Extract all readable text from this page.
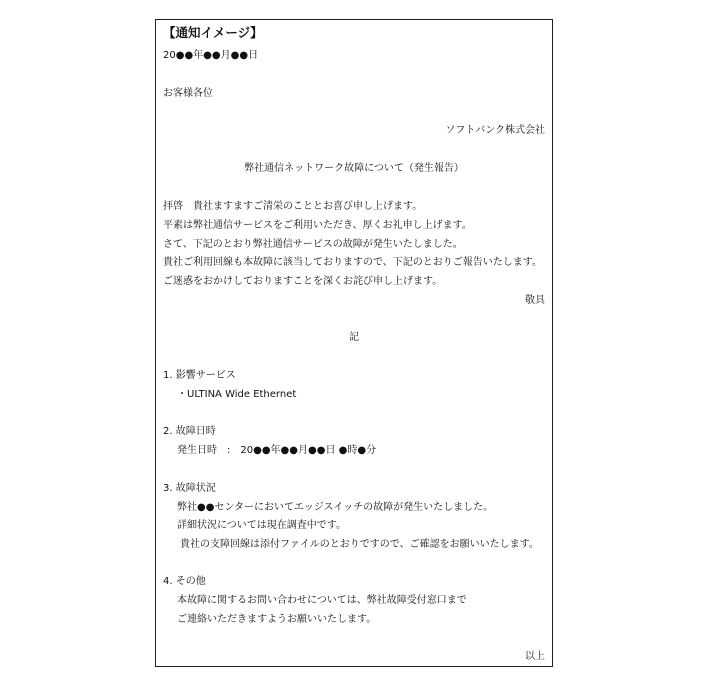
【通知イメージ】
20●●年●●月●●日
お客様各位
ソフトバンク株式会社
弊社通信ネットワーク故障について（発生報告）
拝啓　貴社ますますご清栄のこととお喜び申し上げます。
平素は弊社通信サービスをご利用いただき、厚くお礼申し上げます。
さて、下記のとおり弊社通信サービスの故障が発生いたしました。
貴社ご利用回線も本故障に該当しておりますので、下記のとおりご報告いたします。
ご迷惑をおかけしておりますことを深くお詫び申し上げます。
敬具
記
1. 影響サービス
・ULTINA Wide Ethernet
2. 故障日時
発生日時　:　20●●年●●月●●日 ●時●分
3. 故障状況
弊社●●センターにおいてエッジスイッチの故障が発生いたしました。
詳細状況については現在調査中です。
貴社の支障回線は添付ファイルのとおりですので、ご確認をお願いいたします。
4. その他
本故障に関するお問い合わせについては、弊社故障受付窓口まで
ご連絡いただきますようお願いいたします。
以上
